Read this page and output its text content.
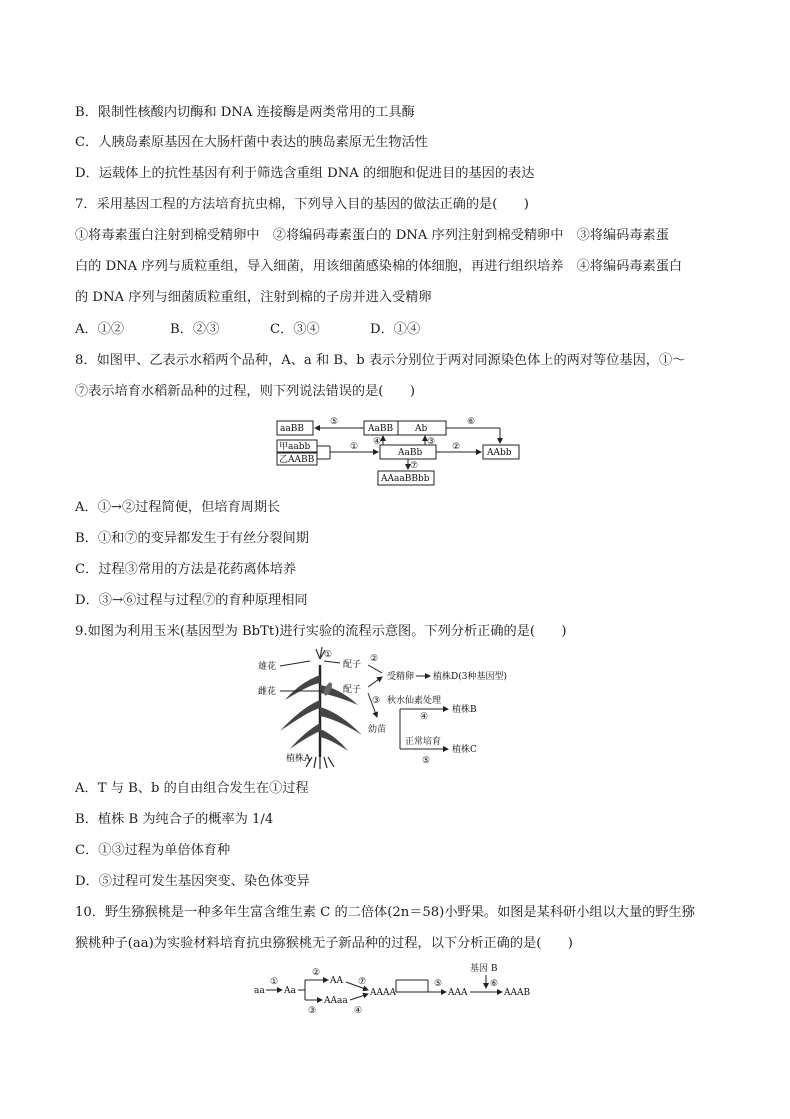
B．限制性核酸内切酶和 DNA 连接酶是两类常用的工具酶
C．人胰岛素原基因在大肠杆菌中表达的胰岛素原无生物活性
D．运载体上的抗性基因有利于筛选含重组 DNA 的细胞和促进目的基因的表达
7．采用基因工程的方法培育抗虫棉，下列导入目的基因的做法正确的是(　　)
①将毒素蛋白注射到棉受精卵中　②将编码毒素蛋白的 DNA 序列注射到棉受精卵中　③将编码毒素蛋
白的 DNA 序列与质粒重组，导入细菌，用该细菌感染棉的体细胞，再进行组织培养　④将编码毒素蛋白
的 DNA 序列与细菌质粒重组，注射到棉的子房并进入受精卵
A．①②	B．②③	C．③④	D．①④
8．如图甲、乙表示水稻两个品种，A、a 和 B、b 表示分别位于两对同源染色体上的两对等位基因，①～
⑦表示培育水稻新品种的过程，则下列说法错误的是(　　)
aaBB	AaBB Ab
甲aabb
乙AABB
AaBb	AAbb
AAaaBBbb
⑤
① ④	③
⑥
②
⑦
A．①→②过程简便，但培育周期长
B．①和⑦的变异都发生于有丝分裂间期
C．过程③常用的方法是花药离体培养
D．③→⑥过程与过程⑦的育种原理相同
9.如图为利用玉米(基因型为 BbTt)进行实验的流程示意图。下列分析正确的是(　　)
雄花
雌花
植株A
①
配子
配子
②
受精卵 植株D(3种基因型)
③ 秋水仙素处理
幼苗
④
植株B
正常培育
⑤
植株C
A．T 与 B、b 的自由组合发生在①过程
B．植株 B 为纯合子的概率为 1/4
C．①③过程为单倍体育种
D．⑤过程可发生基因突变、染色体变异
10．野生猕猴桃是一种多年生富含维生素 C 的二倍体(2n＝58)小野果。如图是某科研小组以大量的野生猕
猴桃种子(aa)为实验材料培育抗虫猕猴桃无子新品种的过程，以下分析正确的是(　　)
aa
①
Aa
②
AA
③
AAaa
⑦
④
AAAA
⑤
AAA
基因 B
⑥
AAAB
